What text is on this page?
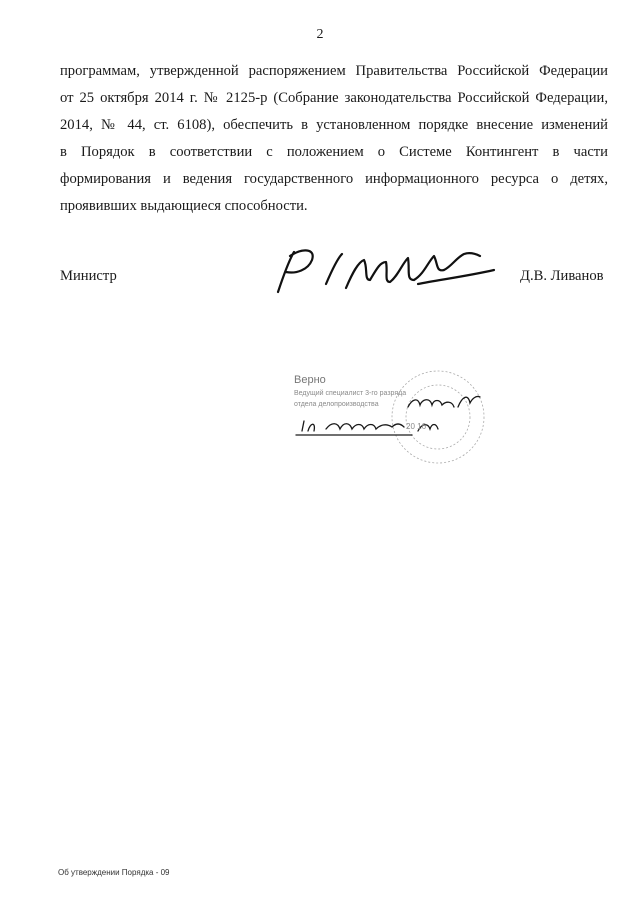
2
программам, утвержденной распоряжением Правительства Российской Федерации
от 25 октября 2014 г. № 2125-р (Собрание законодательства Российской Федерации,
2014, № 44, ст. 6108), обеспечить в установленном порядке внесение изменений
в Порядок в соответствии с положением о Системе Контингент в части
формирования и ведения государственного информационного ресурса о детях,
проявивших выдающиеся способности.
Министр	Д.В. Ливанов
Верно
Ведущий специалист 3-го разряда
отдела делопроизводства
20 16
Об утверждении Порядка - 09
